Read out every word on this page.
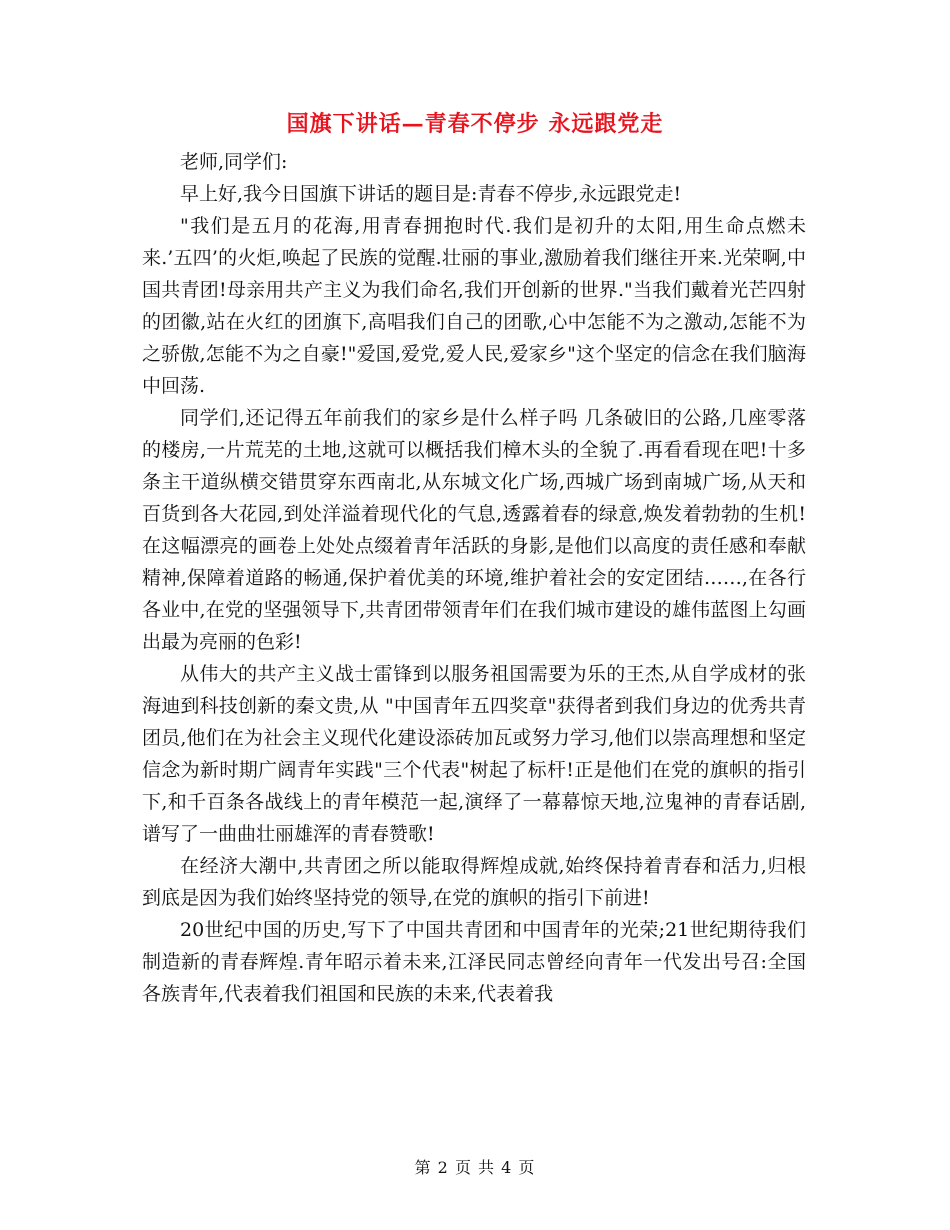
国旗下讲话—青春不停步 永远跟党走

老师,同学们:

早上好,我今日国旗下讲话的题目是:青春不停步,永远跟党走!

"我们是五月的花海,用青春拥抱时代.我们是初升的太阳,用生命点燃未来.’五四’的火炬,唤起了民族的觉醒.壮丽的事业,激励着我们继往开来.光荣啊,中国共青团!母亲用共产主义为我们命名,我们开创新的世界."当我们戴着光芒四射的团徽,站在火红的团旗下,高唱我们自己的团歌,心中怎能不为之激动,怎能不为之骄傲,怎能不为之自豪!"爱国,爱党,爱人民,爱家乡"这个坚定的信念在我们脑海中回荡.

同学们,还记得五年前我们的家乡是什么样子吗 几条破旧的公路,几座零落的楼房,一片荒芜的土地,这就可以概括我们樟木头的全貌了.再看看现在吧!十多条主干道纵横交错贯穿东西南北,从东城文化广场,西城广场到南城广场,从天和百货到各大花园,到处洋溢着现代化的气息,透露着春的绿意,焕发着勃勃的生机!在这幅漂亮的画卷上处处点缀着青年活跃的身影,是他们以高度的责任感和奉献精神,保障着道路的畅通,保护着优美的环境,维护着社会的安定团结……,在各行各业中,在党的坚强领导下,共青团带领青年们在我们城市建设的雄伟蓝图上勾画出最为亮丽的色彩!

从伟大的共产主义战士雷锋到以服务祖国需要为乐的王杰,从自学成材的张海迪到科技创新的秦文贵,从 "中国青年五四奖章"获得者到我们身边的优秀共青团员,他们在为社会主义现代化建设添砖加瓦或努力学习,他们以崇高理想和坚定信念为新时期广阔青年实践"三个代表"树起了标杆!正是他们在党的旗帜的指引下,和千百条各战线上的青年模范一起,演绎了一幕幕惊天地,泣鬼神的青春话剧,谱写了一曲曲壮丽雄浑的青春赞歌!

在经济大潮中,共青团之所以能取得辉煌成就,始终保持着青春和活力,归根到底是因为我们始终坚持党的领导,在党的旗帜的指引下前进!

20世纪中国的历史,写下了中国共青团和中国青年的光荣;21世纪期待我们制造新的青春辉煌.青年昭示着未来,江泽民同志曾经向青年一代发出号召:全国各族青年,代表着我们祖国和民族的未来,代表着我

第 2 页 共 4 页
